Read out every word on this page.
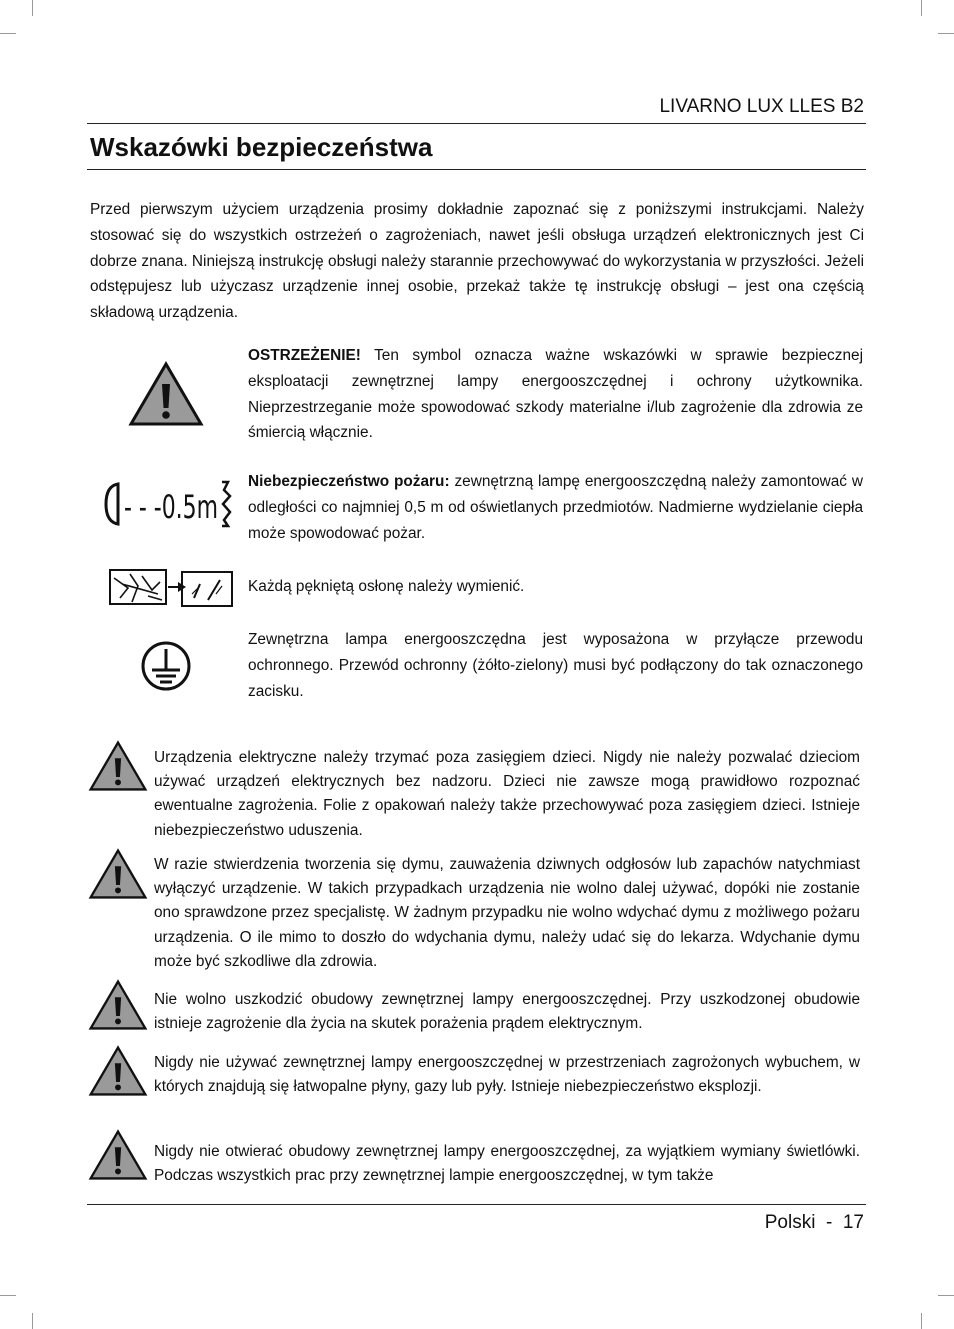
LIVARNO LUX LLES B2
Wskazówki bezpieczeństwa

Przed pierwszym użyciem urządzenia prosimy dokładnie zapoznać się z poniższymi instrukcjami. Należy stosować się do wszystkich ostrzeżeń o zagrożeniach, nawet jeśli obsługa urządzeń elektronicznych jest Ci dobrze znana. Niniejszą instrukcję obsługi należy starannie przechowywać do wykorzystania w przyszłości. Jeżeli odstępujesz lub użyczasz urządzenie innej osobie, przekaż także tę instrukcję obsługi – jest ona częścią składową urządzenia.

OSTRZEŻENIE! Ten symbol oznacza ważne wskazówki w sprawie bezpiecznej eksploatacji zewnętrznej lampy energooszczędnej i ochrony użytkownika. Nieprzestrzeganie może spowodować szkody materialne i/lub zagrożenie dla zdrowia ze śmiercią włącznie.

- - -0.5m

Niebezpieczeństwo pożaru: zewnętrzną lampę energooszczędną należy zamontować w odległości co najmniej 0,5 m od oświetlanych przedmiotów. Nadmierne wydzielanie ciepła może spowodować pożar.

Każdą pękniętą osłonę należy wymienić.

Zewnętrzna lampa energooszczędna jest wyposażona w przyłącze przewodu ochronnego. Przewód ochronny (żółto-zielony) musi być podłączony do tak oznaczonego zacisku.

Urządzenia elektryczne należy trzymać poza zasięgiem dzieci. Nigdy nie należy pozwalać dzieciom używać urządzeń elektrycznych bez nadzoru. Dzieci nie zawsze mogą prawidłowo rozpoznać ewentualne zagrożenia. Folie z opakowań należy także przechowywać poza zasięgiem dzieci. Istnieje niebezpieczeństwo uduszenia.

W razie stwierdzenia tworzenia się dymu, zauważenia dziwnych odgłosów lub zapachów natychmiast wyłączyć urządzenie. W takich przypadkach urządzenia nie wolno dalej używać, dopóki nie zostanie ono sprawdzone przez specjalistę. W żadnym przypadku nie wolno wdychać dymu z możliwego pożaru urządzenia. O ile mimo to doszło do wdychania dymu, należy udać się do lekarza. Wdychanie dymu może być szkodliwe dla zdrowia.

Nie wolno uszkodzić obudowy zewnętrznej lampy energooszczędnej. Przy uszkodzonej obudowie istnieje zagrożenie dla życia na skutek porażenia prądem elektrycznym.

Nigdy nie używać zewnętrznej lampy energooszczędnej w przestrzeniach zagrożonych wybuchem, w których znajdują się łatwopalne płyny, gazy lub pyły. Istnieje niebezpieczeństwo eksplozji.

Nigdy nie otwierać obudowy zewnętrznej lampy energooszczędnej, za wyjątkiem wymiany świetlówki. Podczas wszystkich prac przy zewnętrznej lampie energooszczędnej, w tym także

Polski  -  17
